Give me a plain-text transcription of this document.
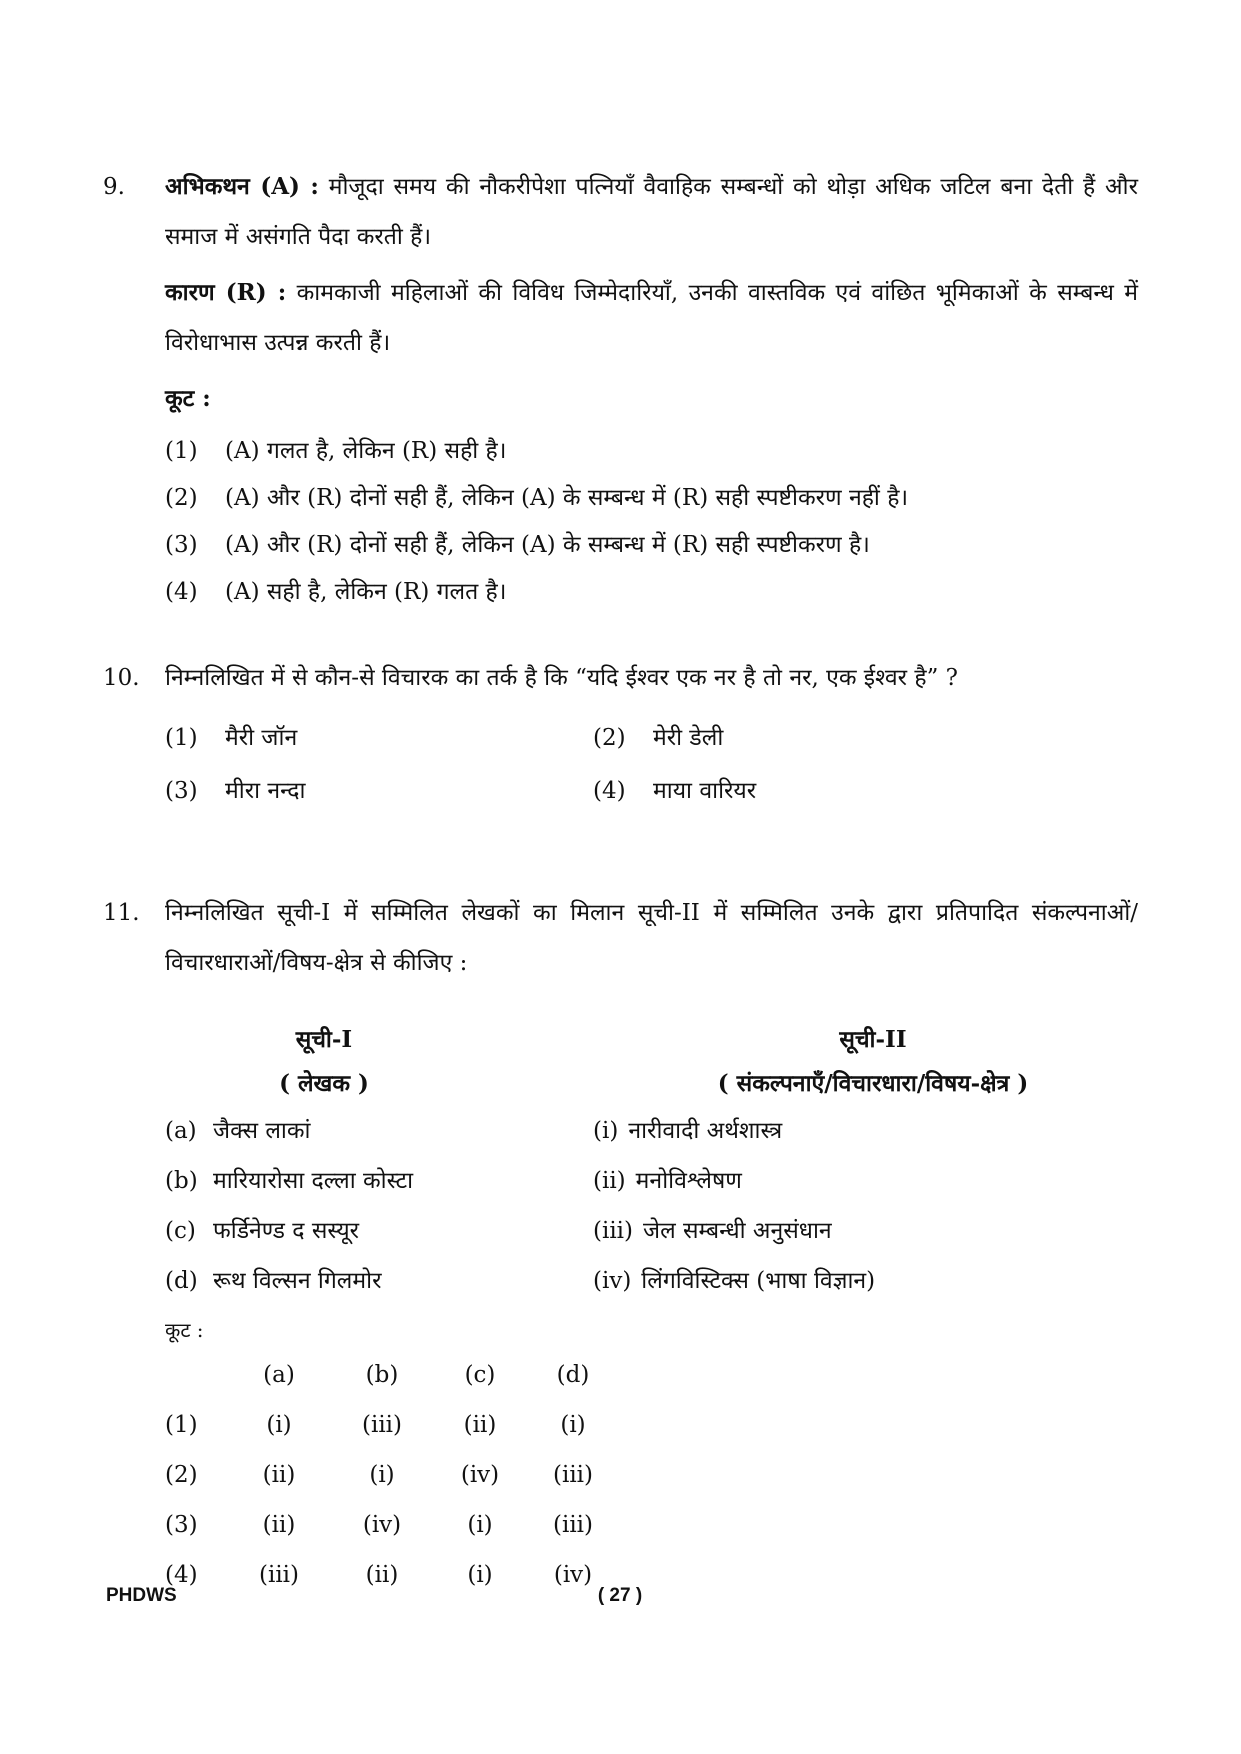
9. अभिकथन (A) : मौजूदा समय की नौकरीपेशा पत्नियाँ वैवाहिक सम्बन्धों को थोड़ा अधिक जटिल बना देती हैं और समाज में असंगति पैदा करती हैं।
कारण (R) : कामकाजी महिलाओं की विविध जिम्मेदारियाँ, उनकी वास्तविक एवं वांछित भूमिकाओं के सम्बन्ध में विरोधाभास उत्पन्न करती हैं।
कूट :
(1)	(A) गलत है, लेकिन (R) सही है।
(2)	(A) और (R) दोनों सही हैं, लेकिन (A) के सम्बन्ध में (R) सही स्पष्टीकरण नहीं है।
(3)	(A) और (R) दोनों सही हैं, लेकिन (A) के सम्बन्ध में (R) सही स्पष्टीकरण है।
(4)	(A) सही है, लेकिन (R) गलत है।
10. निम्नलिखित में से कौन-से विचारक का तर्क है कि “यदि ईश्वर एक नर है तो नर, एक ईश्वर है” ?
(1) मैरी जॉन	(2) मेरी डेली
(3) मीरा नन्दा	(4) माया वारियर
11. निम्नलिखित सूची-I में सम्मिलित लेखकों का मिलान सूची-II में सम्मिलित उनके द्वारा प्रतिपादित संकल्पनाओं/विचारधाराओं/विषय-क्षेत्र से कीजिए :
सूची-I	सूची-II
( लेखक )	( संकल्पनाएँ/विचारधारा/विषय-क्षेत्र )
(a) जैक्स लाकां	(i) नारीवादी अर्थशास्त्र
(b) मारियारोसा दल्ला कोस्टा	(ii) मनोविश्लेषण
(c) फर्डिनेण्ड द सस्यूर	(iii) जेल सम्बन्धी अनुसंधान
(d) रूथ विल्सन गिलमोर	(iv) लिंगविस्टिक्स (भाषा विज्ञान)
कूट :
	(a)	(b)	(c)	(d)
(1)	(i)	(iii)	(ii)	(i)
(2)	(ii)	(i)	(iv)	(iii)
(3)	(ii)	(iv)	(i)	(iii)
(4)	(iii)	(ii)	(i)	(iv)
PHDWS	( 27 )
